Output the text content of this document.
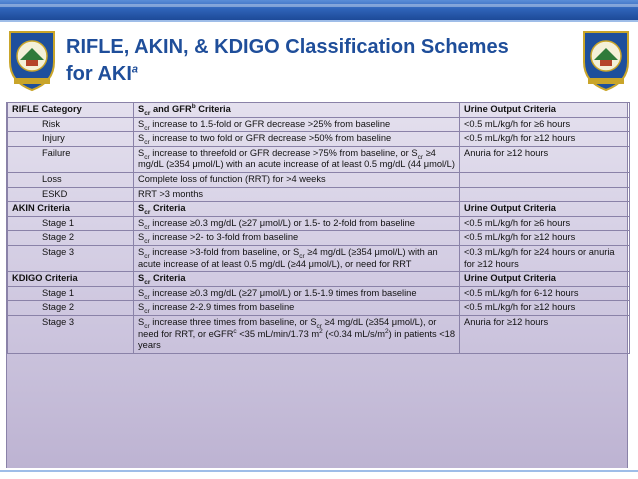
RIFLE, AKIN, & KDIGO Classification Schemes
for AKI$^a$
RIFLE Category	$S_{cr}$ and GFR$^b$ Criteria	Urine Output Criteria
Risk	$S_{cr}$ increase to 1.5-fold or GFR decrease >25% from baseline	<0.5 mL/kg/h for ≥6 hours
Injury	$S_{cr}$ increase to two fold or GFR decrease >50% from baseline	<0.5 mL/kg/h for ≥12 hours
Failure	$S_{cr}$ increase to threefold or GFR decrease >75% from baseline, or $S_{cr} \ge 4$ mg/dL (≥354 μmol/L) with an acute increase of at least 0.5 mg/dL (44 μmol/L)	Anuria for ≥12 hours
Loss	Complete loss of function (RRT) for >4 weeks	
ESKD	RRT >3 months	
AKIN Criteria	$S_{cr}$ Criteria	Urine Output Criteria
Stage 1	$S_{cr}$ increase ≥0.3 mg/dL (≥27 μmol/L) or 1.5- to 2-fold from baseline	<0.5 mL/kg/h for ≥6 hours
Stage 2	$S_{cr}$ increase >2- to 3-fold from baseline	<0.5 mL/kg/h for ≥12 hours
Stage 3	$S_{cr}$ increase >3-fold from baseline, or $S_{cr} \ge 4$ mg/dL (≥354 μmol/L) with an acute increase of at least 0.5 mg/dL (≥44 μmol/L), or need for RRT	<0.3 mL/kg/h for ≥24 hours or anuria for ≥12 hours
KDIGO Criteria	$S_{cr}$ Criteria	Urine Output Criteria
Stage 1	$S_{cr}$ increase ≥0.3 mg/dL (≥27 μmol/L) or 1.5-1.9 times from baseline	<0.5 mL/kg/h for 6-12 hours
Stage 2	$S_{cr}$ increase 2-2.9 times from baseline	<0.5 mL/kg/h for ≥12 hours
Stage 3	$S_{cr}$ increase three times from baseline, or $S_{cr} \ge 4$ mg/dL (≥354 μmol/L), or need for RRT, or eGFR$^c$ <35 mL/min/1.73 $m^2$ (<0.34 $mL/s/m^2$) in patients <18 years	Anuria for ≥12 hours
